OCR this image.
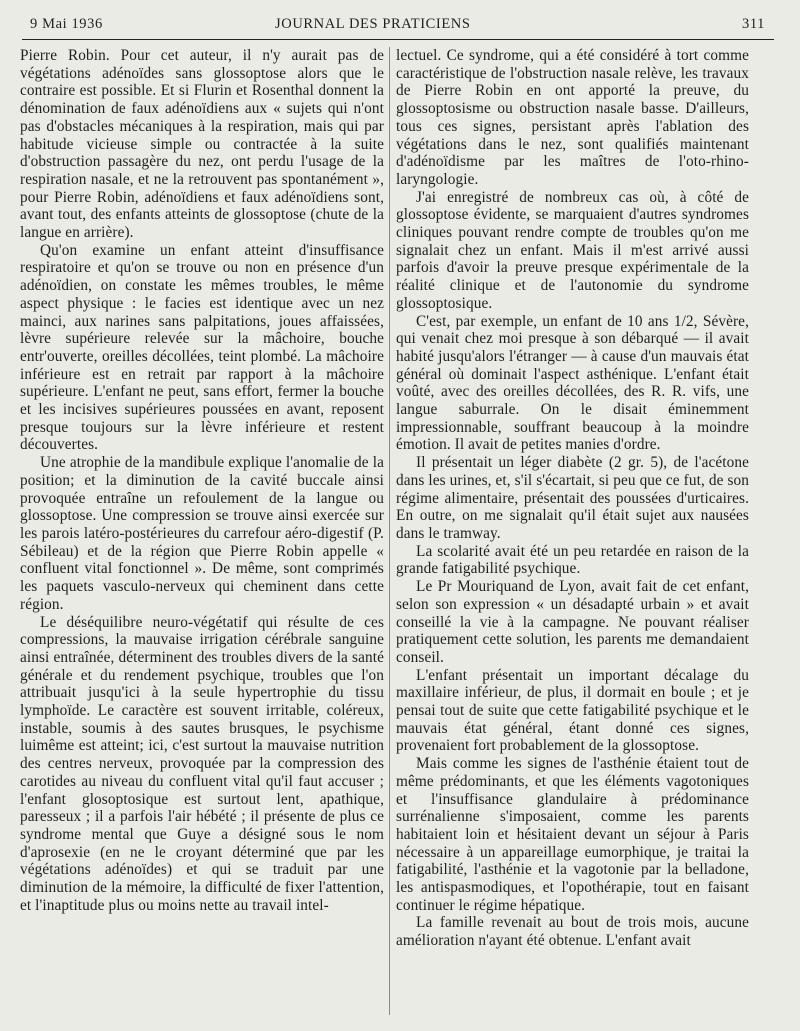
9 Mai 1936	JOURNAL DES PRATICIENS	311

Pierre Robin. Pour cet auteur, il n'y aurait pas de végétations adénoïdes sans glossoptose alors que le contraire est possible. Et si Flurin et Rosenthal donnent la dénomination de faux adénoïdiens aux « sujets qui n'ont pas d'obstacles mécaniques à la respiration, mais qui par habitude vicieuse simple ou contractée à la suite d'obstruction passagère du nez, ont perdu l'usage de la respiration nasale, et ne la retrouvent pas spontanément », pour Pierre Robin, adénoïdiens et faux adénoïdiens sont, avant tout, des enfants atteints de glossoptose (chute de la langue en arrière).

Qu'on examine un enfant atteint d'insuffisance respiratoire et qu'on se trouve ou non en présence d'un adénoïdien, on constate les mêmes troubles, le même aspect physique : le facies est identique avec un nez mainci, aux narines sans palpitations, joues affaissées, lèvre supérieure relevée sur la mâchoire, bouche entr'ouverte, oreilles décollées, teint plombé. La mâchoire inférieure est en retrait par rapport à la mâchoire supérieure. L'enfant ne peut, sans effort, fermer la bouche et les incisives supérieures poussées en avant, reposent presque toujours sur la lèvre inférieure et restent découvertes.

Une atrophie de la mandibule explique l'anomalie de la position; et la diminution de la cavité buccale ainsi provoquée entraîne un refoulement de la langue ou glossoptose. Une compression se trouve ainsi exercée sur les parois latéro-postérieures du carrefour aéro-digestif (P. Sébileau) et de la région que Pierre Robin appelle « confluent vital fonctionnel ». De même, sont comprimés les paquets vasculo-nerveux qui cheminent dans cette région.

Le déséquilibre neuro-végétatif qui résulte de ces compressions, la mauvaise irrigation cérébrale sanguine ainsi entraînée, déterminent des troubles divers de la santé générale et du rendement psychique, troubles que l'on attribuait jusqu'ici à la seule hypertrophie du tissu lymphoïde. Le caractère est souvent irritable, coléreux, instable, soumis à des sautes brusques, le psychisme luimême est atteint; ici, c'est surtout la mauvaise nutrition des centres nerveux, provoquée par la compression des carotides au niveau du confluent vital qu'il faut accuser ; l'enfant glosoptosique est surtout lent, apathique, paresseux ; il a parfois l'air hébété ; il présente de plus ce syndrome mental que Guye a désigné sous le nom d'aprosexie (en ne le croyant déterminé que par les végétations adénoïdes) et qui se traduit par une diminution de la mémoire, la difficulté de fixer l'attention, et l'inaptitude plus ou moins nette au travail intel-

lectuel. Ce syndrome, qui a été considéré à tort comme caractéristique de l'obstruction nasale relève, les travaux de Pierre Robin en ont apporté la preuve, du glossoptosisme ou obstruction nasale basse. D'ailleurs, tous ces signes, persistant après l'ablation des végétations dans le nez, sont qualifiés maintenant d'adénoïdisme par les maîtres de l'oto-rhino-laryngologie.

J'ai enregistré de nombreux cas où, à côté de glossoptose évidente, se marquaient d'autres syndromes cliniques pouvant rendre compte de troubles qu'on me signalait chez un enfant. Mais il m'est arrivé aussi parfois d'avoir la preuve presque expérimentale de la réalité clinique et de l'autonomie du syndrome glossoptosique.

C'est, par exemple, un enfant de 10 ans 1/2, Sévère, qui venait chez moi presque à son débarqué — il avait habité jusqu'alors l'étranger — à cause d'un mauvais état général où dominait l'aspect asthénique. L'enfant était voûté, avec des oreilles décollées, des R. R. vifs, une langue saburrale. On le disait éminemment impressionnable, souffrant beaucoup à la moindre émotion. Il avait de petites manies d'ordre.

Il présentait un léger diabète (2 gr. 5), de l'acétone dans les urines, et, s'il s'écartait, si peu que ce fut, de son régime alimentaire, présentait des poussées d'urticaires. En outre, on me signalait qu'il était sujet aux nausées dans le tramway.

La scolarité avait été un peu retardée en raison de la grande fatigabilité psychique.

Le Pr Mouriquand de Lyon, avait fait de cet enfant, selon son expression « un désadapté urbain » et avait conseillé la vie à la campagne. Ne pouvant réaliser pratiquement cette solution, les parents me demandaient conseil.

L'enfant présentait un important décalage du maxillaire inférieur, de plus, il dormait en boule ; et je pensai tout de suite que cette fatigabilité psychique et le mauvais état général, étant donné ces signes, provenaient fort probablement de la glossoptose.

Mais comme les signes de l'asthénie étaient tout de même prédominants, et que les éléments vagotoniques et l'insuffisance glandulaire à prédominance surrénalienne s'imposaient, comme les parents habitaient loin et hésitaient devant un séjour à Paris nécessaire à un appareillage eumorphique, je traitai la fatigabilité, l'asthénie et la vagotonie par la belladone, les antispasmodiques, et l'opothérapie, tout en faisant continuer le régime hépatique.

La famille revenait au bout de trois mois, aucune amélioration n'ayant été obtenue. L'enfant avait
